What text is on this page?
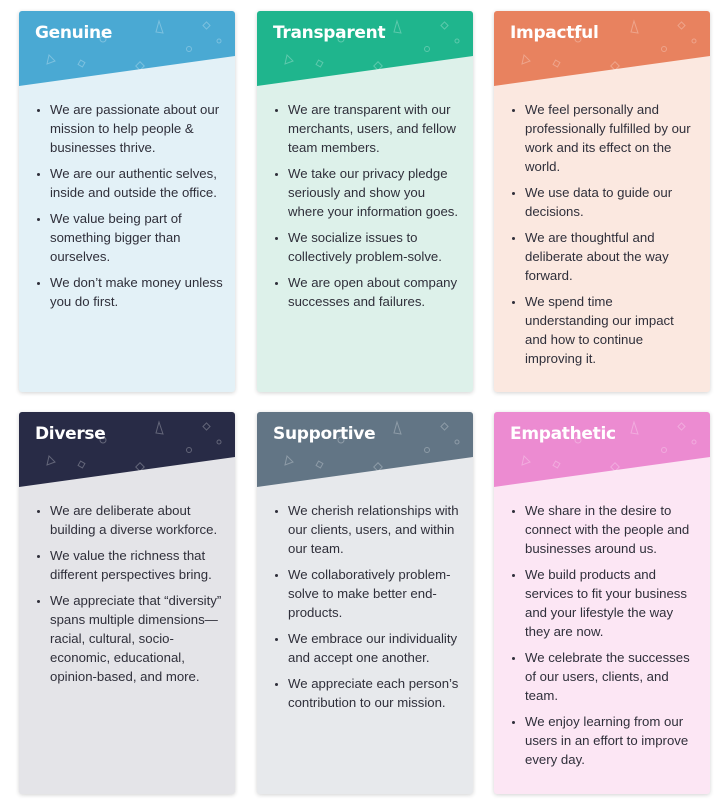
Genuine
• We are passionate about our mission to help people & businesses thrive.
• We are our authentic selves, inside and outside the office.
• We value being part of something bigger than ourselves.
• We don’t make money unless you do first.
Transparent
• We are transparent with our merchants, users, and fellow team members.
• We take our privacy pledge seriously and show you where your information goes.
• We socialize issues to collectively problem-solve.
• We are open about company successes and failures.
Impactful
• We feel personally and professionally fulfilled by our work and its effect on the world.
• We use data to guide our decisions.
• We are thoughtful and deliberate about the way forward.
• We spend time understanding our impact and how to continue improving it.
Diverse
• We are deliberate about building a diverse workforce.
• We value the richness that different perspectives bring.
• We appreciate that “diversity” spans multiple dimensions—racial, cultural, socio-economic, educational, opinion-based, and more.
Supportive
• We cherish relationships with our clients, users, and within our team.
• We collaboratively problem-solve to make better end-products.
• We embrace our individuality and accept one another.
• We appreciate each person’s contribution to our mission.
Empathetic
• We share in the desire to connect with the people and businesses around us.
• We build products and services to fit your business and your lifestyle the way they are now.
• We celebrate the successes of our users, clients, and team.
• We enjoy learning from our users in an effort to improve every day.
